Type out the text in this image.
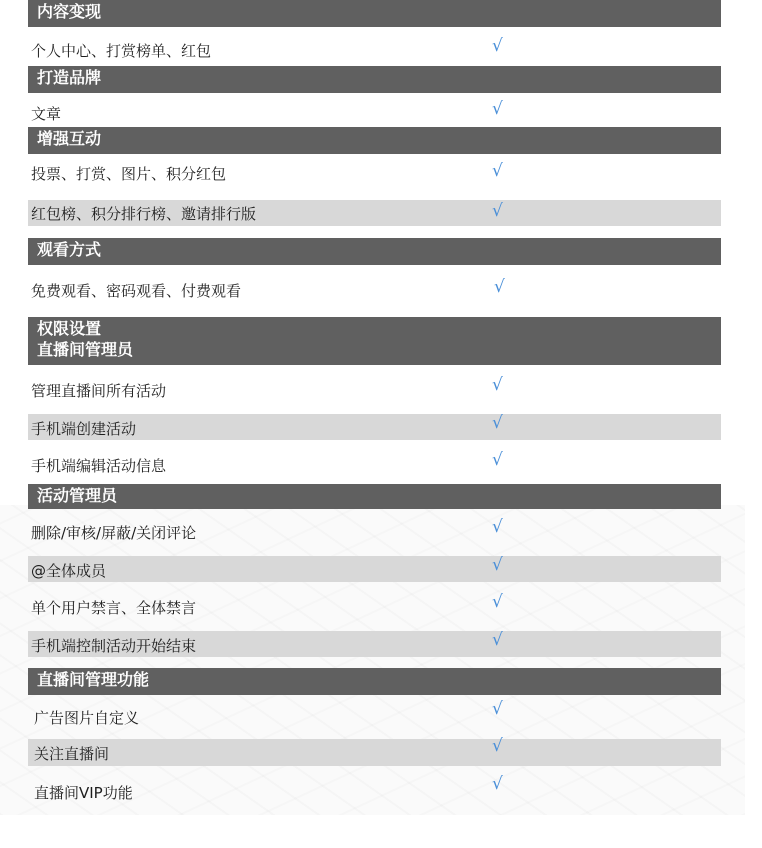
内容变现
个人中心、打赏榜单、红包	√
打造品牌
文章	√
增强互动
投票、打赏、图片、积分红包	√
红包榜、积分排行榜、邀请排行版	√
观看方式
免费观看、密码观看、付费观看	√
权限设置
直播间管理员
管理直播间所有活动	√
手机端创建活动	√
手机端编辑活动信息	√
活动管理员
删除/审核/屏蔽/关闭评论	√
@全体成员	√
单个用户禁言、全体禁言	√
手机端控制活动开始结束	√
直播间管理功能
广告图片自定义	√
关注直播间	√
直播间VIP功能	√
